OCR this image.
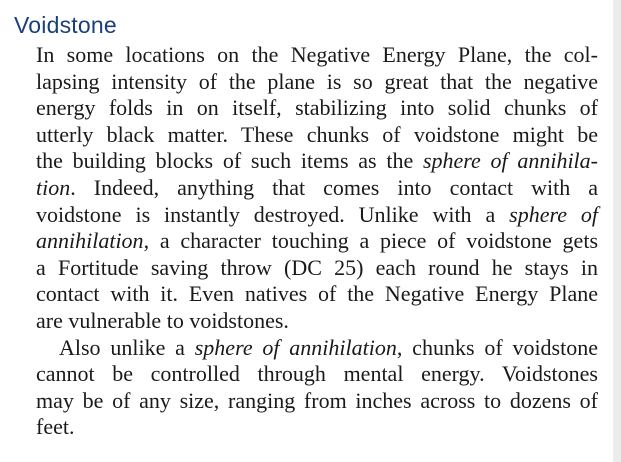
Voidstone

In some locations on the Negative Energy Plane, the col-
lapsing intensity of the plane is so great that the negative
energy folds in on itself, stabilizing into solid chunks of
utterly black matter. These chunks of voidstone might be
the building blocks of such items as the sphere of annihila-
tion. Indeed, anything that comes into contact with a
voidstone is instantly destroyed. Unlike with a sphere of
annihilation, a character touching a piece of voidstone gets
a Fortitude saving throw (DC 25) each round he stays in
contact with it. Even natives of the Negative Energy Plane
are vulnerable to voidstones.

Also unlike a sphere of annihilation, chunks of voidstone
cannot be controlled through mental energy. Voidstones
may be of any size, ranging from inches across to dozens of
feet.
